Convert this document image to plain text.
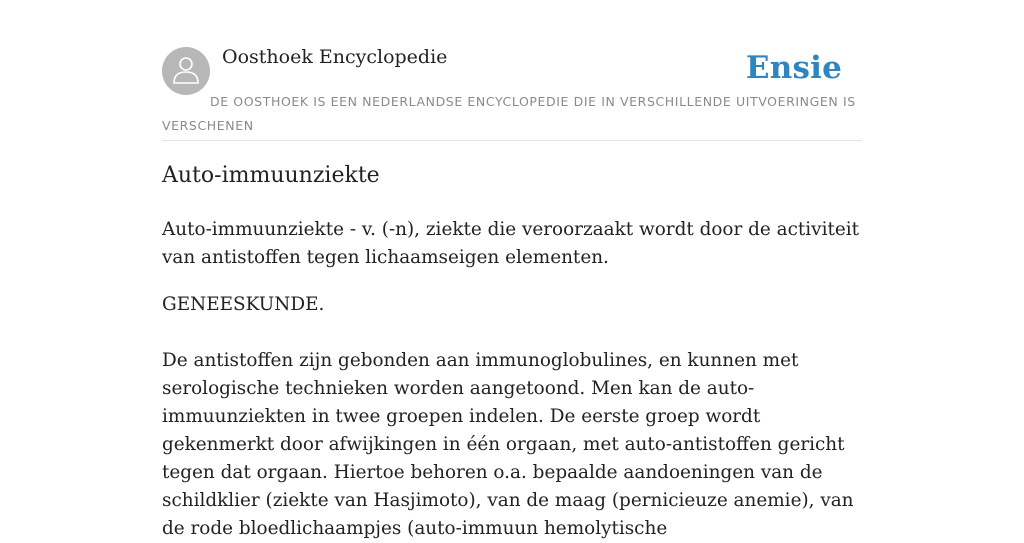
Oosthoek Encyclopedie	Ensie
DE OOSTHOEK IS EEN NEDERLANDSE ENCYCLOPEDIE DIE IN VERSCHILLENDE UITVOERINGEN IS VERSCHENEN
Auto-immuunziekte

Auto-immuunziekte - v. (-n), ziekte die veroorzaakt wordt door de activiteit van antistoffen tegen lichaamseigen elementen.

GENEESKUNDE.

De antistoffen zijn gebonden aan immunoglobulines, en kunnen met serologische technieken worden aangetoond. Men kan de auto-immuunziekten in twee groepen indelen. De eerste groep wordt gekenmerkt door afwijkingen in één orgaan, met auto-antistoffen gericht tegen dat orgaan. Hiertoe behoren o.a. bepaalde aandoeningen van de schildklier (ziekte van Hasjimoto), van de maag (pernicieuze anemie), van de rode bloedlichaampjes (auto-immuun hemolytische
